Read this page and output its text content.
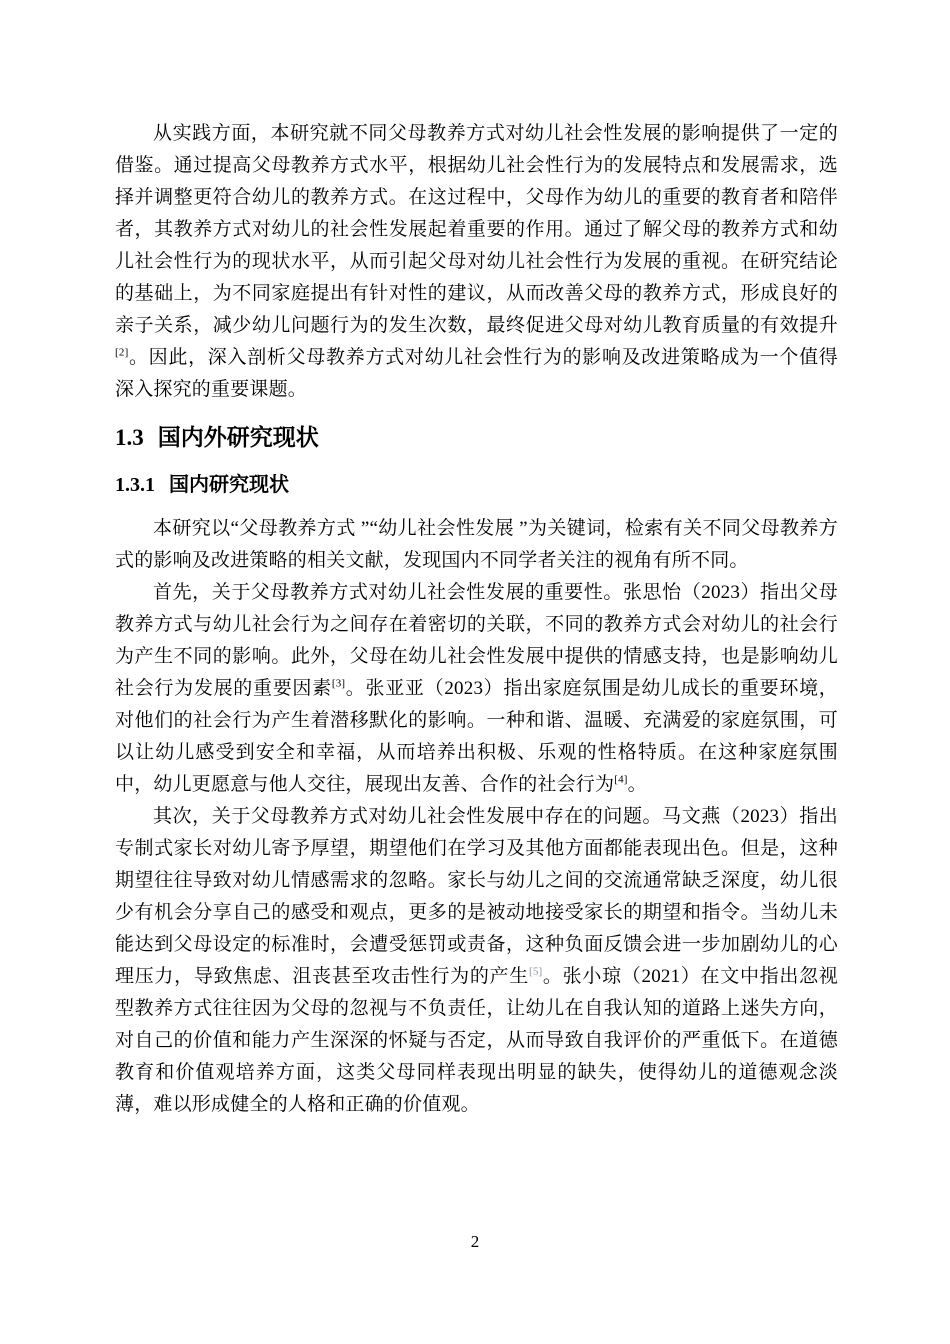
从实践方面，本研究就不同父母教养方式对幼儿社会性发展的影响提供了一定的借鉴。通过提高父母教养方式水平，根据幼儿社会性行为的发展特点和发展需求，选择并调整更符合幼儿的教养方式。在这过程中，父母作为幼儿的重要的教育者和陪伴者，其教养方式对幼儿的社会性发展起着重要的作用。通过了解父母的教养方式和幼儿社会性行为的现状水平，从而引起父母对幼儿社会性行为发展的重视。在研究结论的基础上，为不同家庭提出有针对性的建议，从而改善父母的教养方式，形成良好的亲子关系，减少幼儿问题行为的发生次数，最终促进父母对幼儿教育质量的有效提升[2]。因此，深入剖析父母教养方式对幼儿社会性行为的影响及改进策略成为一个值得深入探究的重要课题。

1.3 国内外研究现状
1.3.1 国内研究现状

本研究以“父母教养方式 ”“幼儿社会性发展 ”为关键词，检索有关不同父母教养方 式的影响及改进策略的相关文献，发现国内不同学者关注的视角有所不同。

首先，关于父母教养方式对幼儿社会性发展的重要性。张思怡（2023）指出父母教养方式与幼儿社会行为之间存在着密切的关联，不同的教养方式会对幼儿的社会行为产生不同的影响。此外，父母在幼儿社会性发展中提供的情感支持，也是影响幼儿社会行为发展的重要因素[3]。张亚亚（2023）指出家庭氛围是幼儿成长的重要环境，对他们的社会行为产生着潜移默化的影响。一种和谐、温暖、充满爱的家庭氛围，可以让幼儿感受到安全和幸福，从而培养出积极、乐观的性格特质。在这种家庭氛围中，幼儿更愿意与他人交往，展现出友善、合作的社会行为[4]。

其次，关于父母教养方式对幼儿社会性发展中存在的问题。马文燕（2023）指出专制式家长对幼儿寄予厚望，期望他们在学习及其他方面都能表现出色。但是，这种期望往往导致对幼儿情感需求的忽略。家长与幼儿之间的交流通常缺乏深度，幼儿很少有机会分享自己的感受和观点，更多的是被动地接受家长的期望和指令。当幼儿未能达到父母设定的标准时，会遭受惩罚或责备，这种负面反馈会进一步加剧幼儿的心理压力，导致焦虑、沮丧甚至攻击性行为的产生[5]。张小琼（2021）在文中指出忽视型教养方式往往因为父母的忽视与不负责任，让幼儿在自我认知的道路上迷失方向，对自己的价值和能力产生深深的怀疑与否定，从而导致自我评价的严重低下。在道德教育和价值观培养方面，这类父母同样表现出明显的缺失，使得幼儿的道德观念淡薄，难以形成健全的人格和正确的价值观。

2
